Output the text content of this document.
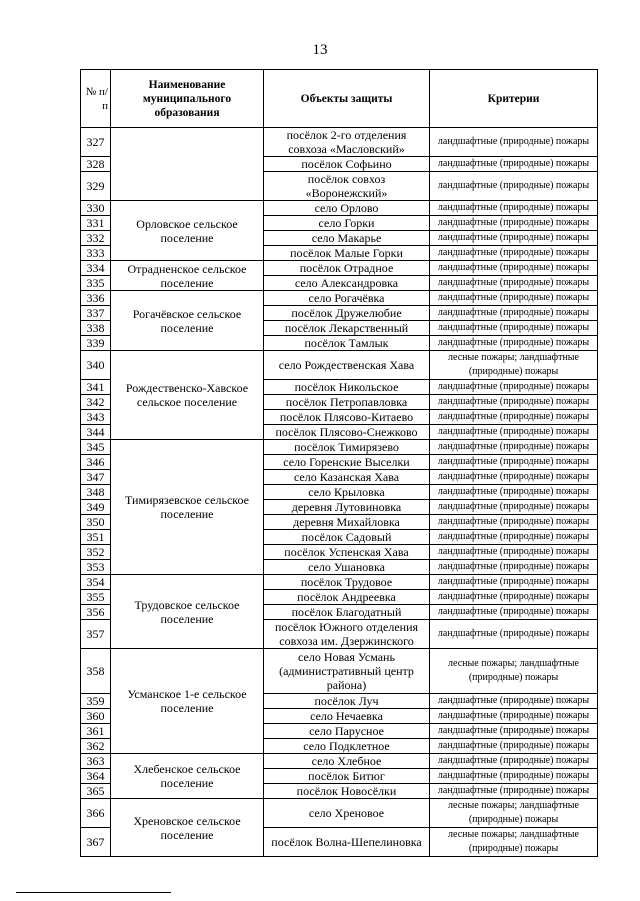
13
№ п/ п	Наименование муниципального образования	Объекты защиты	Критерии
327		посёлок 2-го отделения совхоза «Масловский»	ландшафтные (природные) пожары
328		посёлок Софьино	ландшафтные (природные) пожары
329		посёлок совхоз «Воронежский»	ландшафтные (природные) пожары
330	Орловское сельское поселение	село Орлово	ландшафтные (природные) пожары
331		село Горки	ландшафтные (природные) пожары
332		село Макарье	ландшафтные (природные) пожары
333		посёлок Малые Горки	ландшафтные (природные) пожары
334	Отрадненское сельское поселение	посёлок Отрадное	ландшафтные (природные) пожары
335		село Александровка	ландшафтные (природные) пожары
336	Рогачёвское сельское поселение	село Рогачёвка	ландшафтные (природные) пожары
337		посёлок Дружелюбие	ландшафтные (природные) пожары
338		посёлок Лекарственный	ландшафтные (природные) пожары
339		посёлок Тамлык	ландшафтные (природные) пожары
340	Рождественско-Хавское сельское поселение	село Рождественская Хава	лесные пожары; ландшафтные (природные) пожары
341		посёлок Никольское	ландшафтные (природные) пожары
342		посёлок Петропавловка	ландшафтные (природные) пожары
343		посёлок Плясово-Китаево	ландшафтные (природные) пожары
344		посёлок Плясово-Снежково	ландшафтные (природные) пожары
345	Тимирязевское сельское поселение	посёлок Тимирязево	ландшафтные (природные) пожары
346		село Горенские Выселки	ландшафтные (природные) пожары
347		село Казанская Хава	ландшафтные (природные) пожары
348		село Крыловка	ландшафтные (природные) пожары
349		деревня Лутовиновка	ландшафтные (природные) пожары
350		деревня Михайловка	ландшафтные (природные) пожары
351		посёлок Садовый	ландшафтные (природные) пожары
352		посёлок Успенская Хава	ландшафтные (природные) пожары
353		село Ушановка	ландшафтные (природные) пожары
354	Трудовское сельское поселение	посёлок Трудовое	ландшафтные (природные) пожары
355		посёлок Андреевка	ландшафтные (природные) пожары
356		посёлок Благодатный	ландшафтные (природные) пожары
357		посёлок Южного отделения совхоза им. Дзержинского	ландшафтные (природные) пожары
358	Усманское 1-е сельское поселение	село Новая Усмань (административный центр района)	лесные пожары; ландшафтные (природные) пожары
359		посёлок Луч	ландшафтные (природные) пожары
360		село Нечаевка	ландшафтные (природные) пожары
361		село Парусное	ландшафтные (природные) пожары
362		село Подклетное	ландшафтные (природные) пожары
363	Хлебенское сельское поселение	село Хлебное	ландшафтные (природные) пожары
364		посёлок Битюг	ландшафтные (природные) пожары
365		посёлок Новосёлки	ландшафтные (природные) пожары
366	Хреновское сельское поселение	село Хреновое	лесные пожары; ландшафтные (природные) пожары
367		посёлок Волна-Шепелиновка	лесные пожары; ландшафтные (природные) пожары
